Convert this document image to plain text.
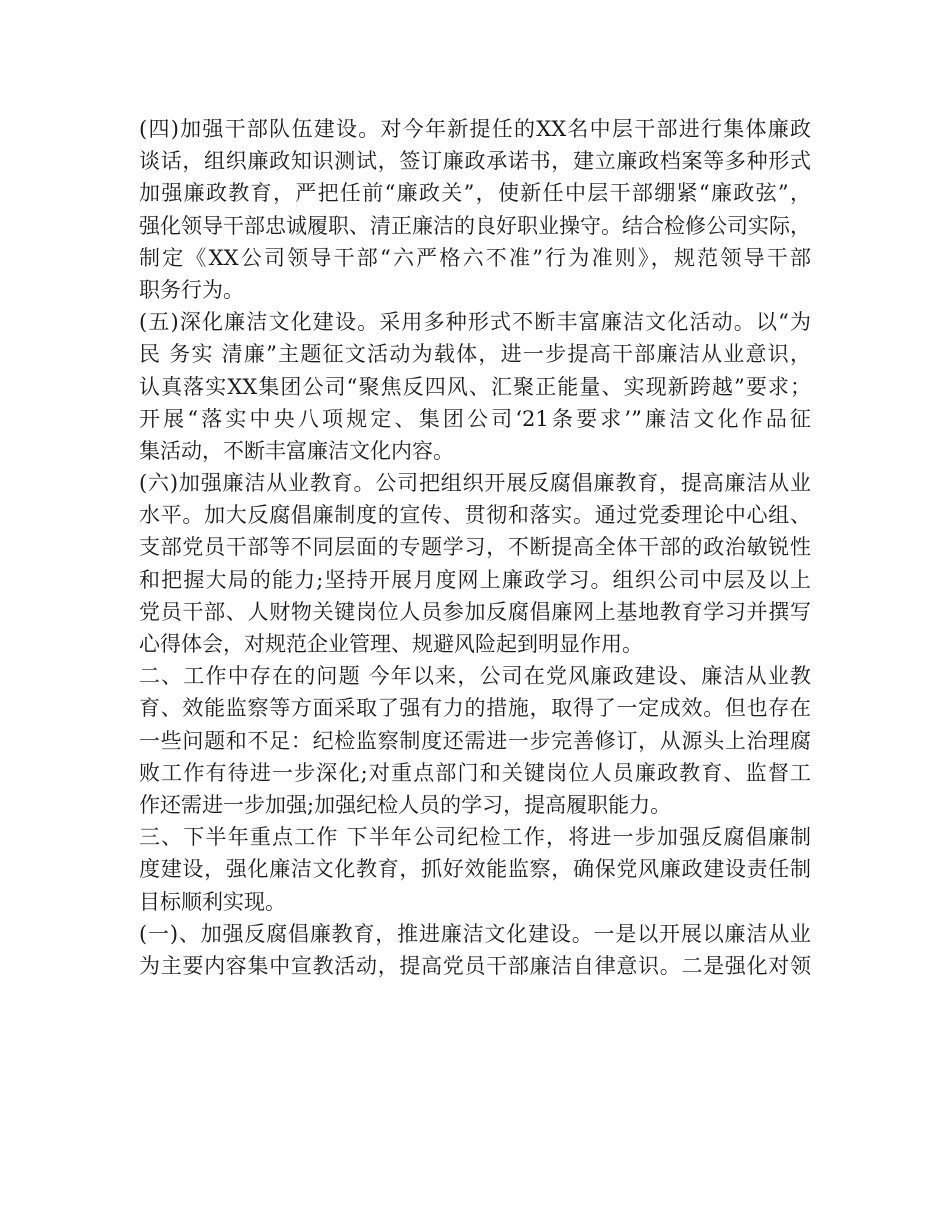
(四)加强干部队伍建设。对今年新提任的XX名中层干部进行集体廉政
谈话，组织廉政知识测试，签订廉政承诺书，建立廉政档案等多种形式
加强廉政教育，严把任前“廉政关”，使新任中层干部绷紧“廉政弦”，
强化领导干部忠诚履职、清正廉洁的良好职业操守。结合检修公司实际，
制定《XX公司领导干部“六严格六不准”行为准则》，规范领导干部
职务行为。
(五)深化廉洁文化建设。采用多种形式不断丰富廉洁文化活动。以“为
民 务实 清廉”主题征文活动为载体，进一步提高干部廉洁从业意识，
认真落实XX集团公司“聚焦反四风、汇聚正能量、实现新跨越”要求；
开展“落实中央八项规定、集团公司‘21条要求’”廉洁文化作品征
集活动，不断丰富廉洁文化内容。
(六)加强廉洁从业教育。公司把组织开展反腐倡廉教育，提高廉洁从业
水平。加大反腐倡廉制度的宣传、贯彻和落实。通过党委理论中心组、
支部党员干部等不同层面的专题学习，不断提高全体干部的政治敏锐性
和把握大局的能力;坚持开展月度网上廉政学习。组织公司中层及以上
党员干部、人财物关键岗位人员参加反腐倡廉网上基地教育学习并撰写
心得体会，对规范企业管理、规避风险起到明显作用。
二、工作中存在的问题 今年以来，公司在党风廉政建设、廉洁从业教
育、效能监察等方面采取了强有力的措施，取得了一定成效。但也存在
一些问题和不足：纪检监察制度还需进一步完善修订，从源头上治理腐
败工作有待进一步深化;对重点部门和关键岗位人员廉政教育、监督工
作还需进一步加强;加强纪检人员的学习，提高履职能力。
三、下半年重点工作 下半年公司纪检工作，将进一步加强反腐倡廉制
度建设，强化廉洁文化教育，抓好效能监察，确保党风廉政建设责任制
目标顺利实现。
(一)、加强反腐倡廉教育，推进廉洁文化建设。一是以开展以廉洁从业
为主要内容集中宣教活动，提高党员干部廉洁自律意识。二是强化对领
